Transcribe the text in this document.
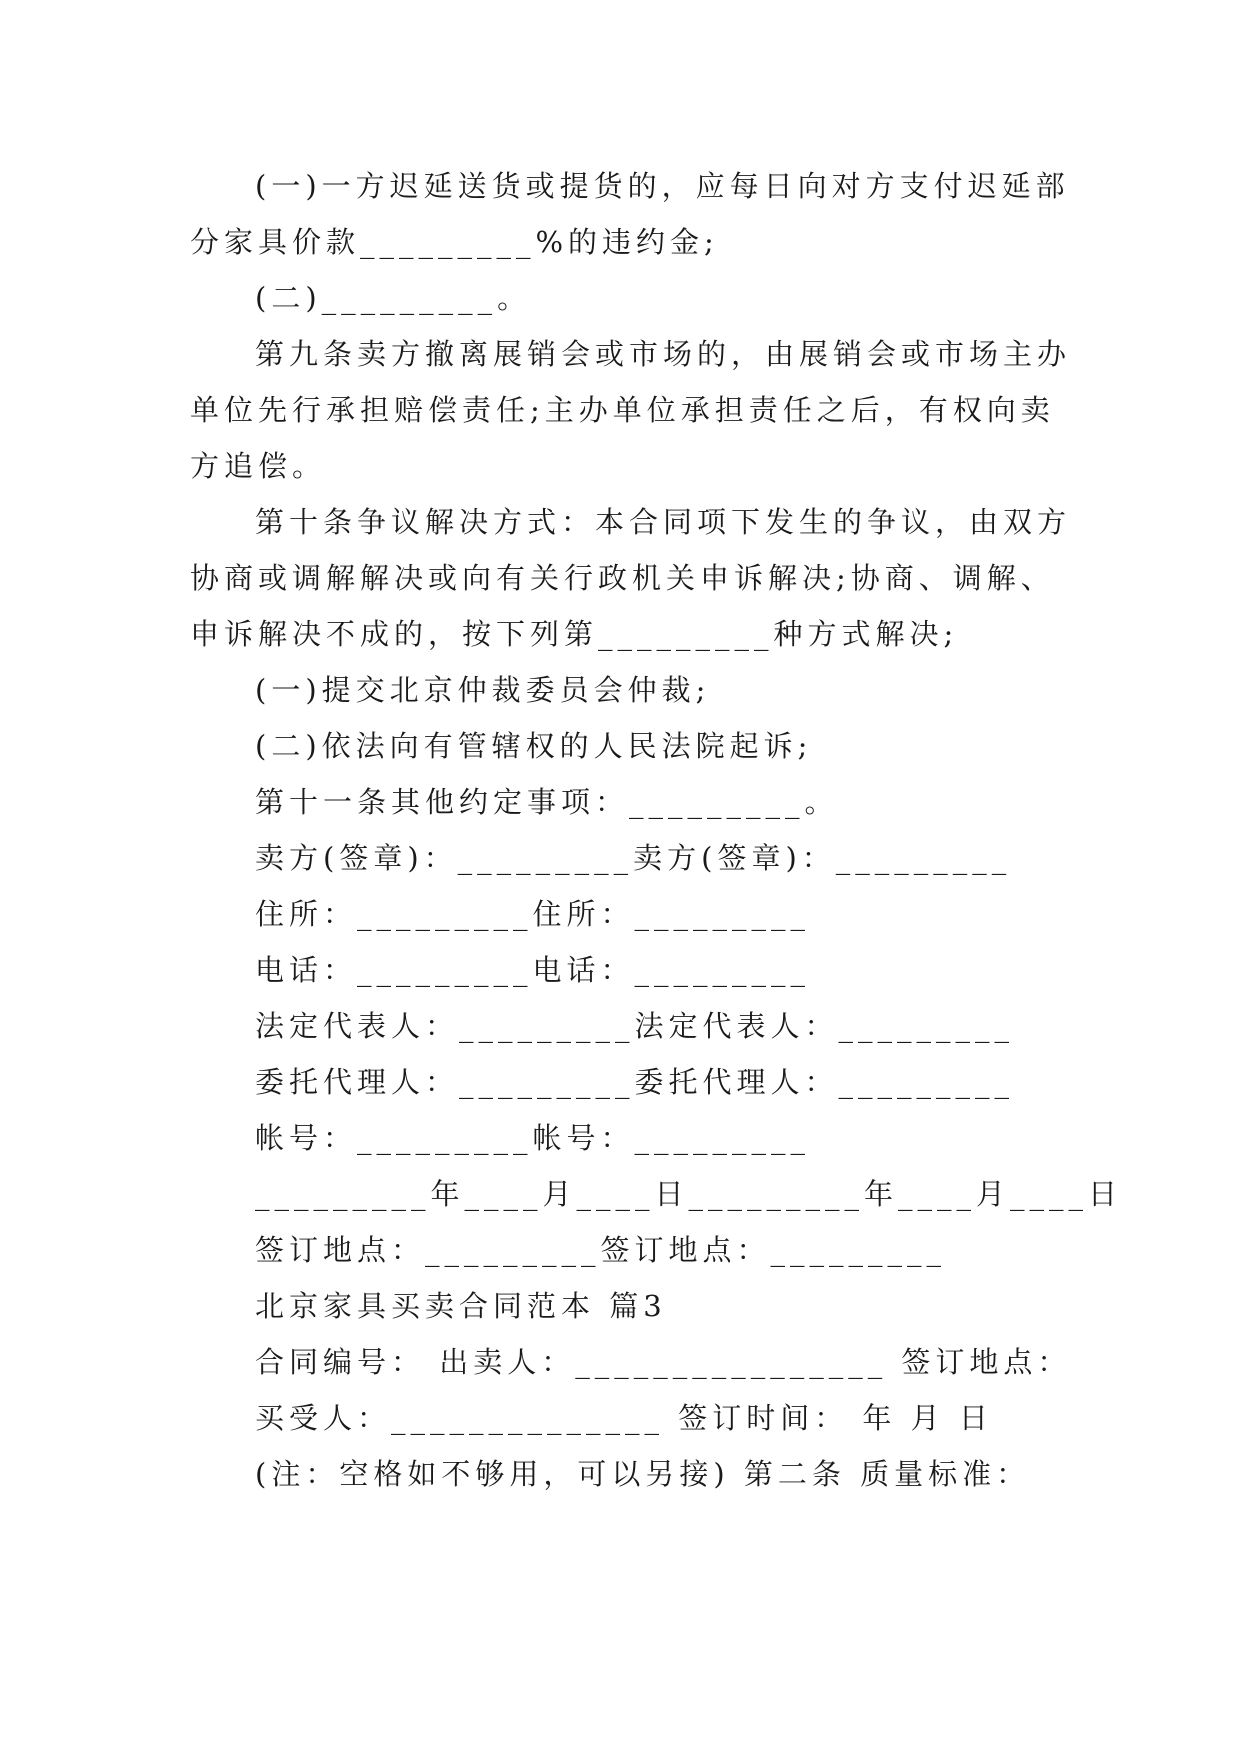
(一)一方迟延送货或提货的，应每日向对方支付迟延部
分家具价款_________%的违约金;
(二)_________。
第九条卖方撤离展销会或市场的，由展销会或市场主办
单位先行承担赔偿责任;主办单位承担责任之后，有权向卖
方追偿。
第十条争议解决方式：本合同项下发生的争议，由双方
协商或调解解决或向有关行政机关申诉解决;协商、调解、
申诉解决不成的，按下列第_________种方式解决;
(一)提交北京仲裁委员会仲裁;
(二)依法向有管辖权的人民法院起诉;
第十一条其他约定事项：_________。
卖方(签章)：_________卖方(签章)：_________
住所：_________住所：_________
电话：_________电话：_________
法定代表人：_________法定代表人：_________
委托代理人：_________委托代理人：_________
帐号：_________帐号：_________
_________年____月____日_________年____月____日
签订地点：_________签订地点：_________
北京家具买卖合同范本 篇3
合同编号： 出卖人：________________ 签订地点：
买受人：______________ 签订时间： 年 月 日
(注：空格如不够用，可以另接) 第二条 质量标准：
